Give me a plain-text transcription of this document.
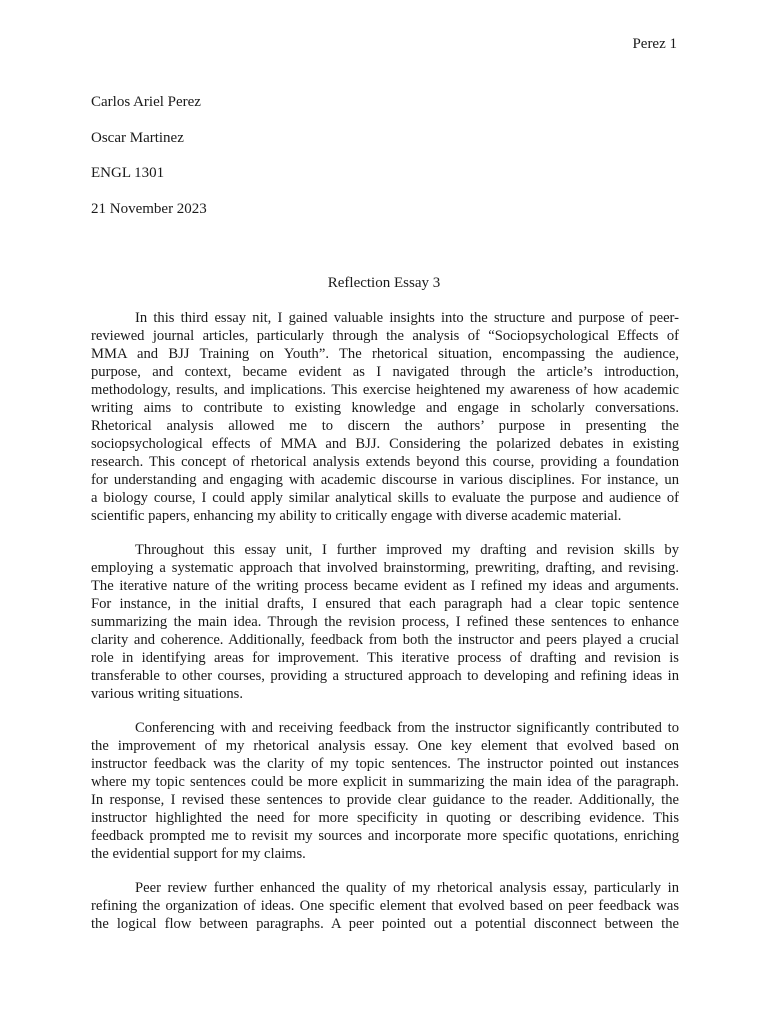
Perez 1
Carlos Ariel Perez
Oscar Martinez
ENGL 1301
21 November 2023
Reflection Essay 3
In this third essay nit, I gained valuable insights into the structure and purpose of peer-
reviewed journal articles, particularly through the analysis of “Sociopsychological Effects of
MMA and BJJ Training on Youth”. The rhetorical situation, encompassing the audience,
purpose, and context, became evident as I navigated through the article’s introduction,
methodology, results, and implications. This exercise heightened my awareness of how academic
writing aims to contribute to existing knowledge and engage in scholarly conversations.
Rhetorical analysis allowed me to discern the authors’ purpose in presenting the
sociopsychological effects of MMA and BJJ. Considering the polarized debates in existing
research. This concept of rhetorical analysis extends beyond this course, providing a foundation
for understanding and engaging with academic discourse in various disciplines. For instance, un
a biology course, I could apply similar analytical skills to evaluate the purpose and audience of
scientific papers, enhancing my ability to critically engage with diverse academic material.
Throughout this essay unit, I further improved my drafting and revision skills by
employing a systematic approach that involved brainstorming, prewriting, drafting, and revising.
The iterative nature of the writing process became evident as I refined my ideas and arguments.
For instance, in the initial drafts, I ensured that each paragraph had a clear topic sentence
summarizing the main idea. Through the revision process, I refined these sentences to enhance
clarity and coherence. Additionally, feedback from both the instructor and peers played a crucial
role in identifying areas for improvement. This iterative process of drafting and revision is
transferable to other courses, providing a structured approach to developing and refining ideas in
various writing situations.
Conferencing with and receiving feedback from the instructor significantly contributed to
the improvement of my rhetorical analysis essay. One key element that evolved based on
instructor feedback was the clarity of my topic sentences. The instructor pointed out instances
where my topic sentences could be more explicit in summarizing the main idea of the paragraph.
In response, I revised these sentences to provide clear guidance to the reader. Additionally, the
instructor highlighted the need for more specificity in quoting or describing evidence. This
feedback prompted me to revisit my sources and incorporate more specific quotations, enriching
the evidential support for my claims.
Peer review further enhanced the quality of my rhetorical analysis essay, particularly in
refining the organization of ideas. One specific element that evolved based on peer feedback was
the logical flow between paragraphs. A peer pointed out a potential disconnect between the
